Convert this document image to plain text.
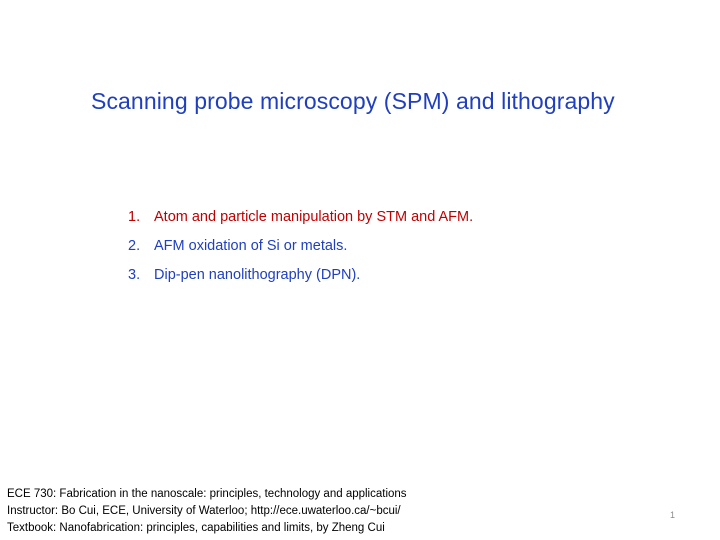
Scanning probe microscopy (SPM) and lithography
1. Atom and particle manipulation by STM and AFM.
2. AFM oxidation of Si or metals.
3. Dip-pen nanolithography (DPN).
ECE 730: Fabrication in the nanoscale: principles, technology and applications
Instructor: Bo Cui, ECE, University of Waterloo; http://ece.uwaterloo.ca/~bcui/
Textbook: Nanofabrication: principles, capabilities and limits, by Zheng Cui
1
